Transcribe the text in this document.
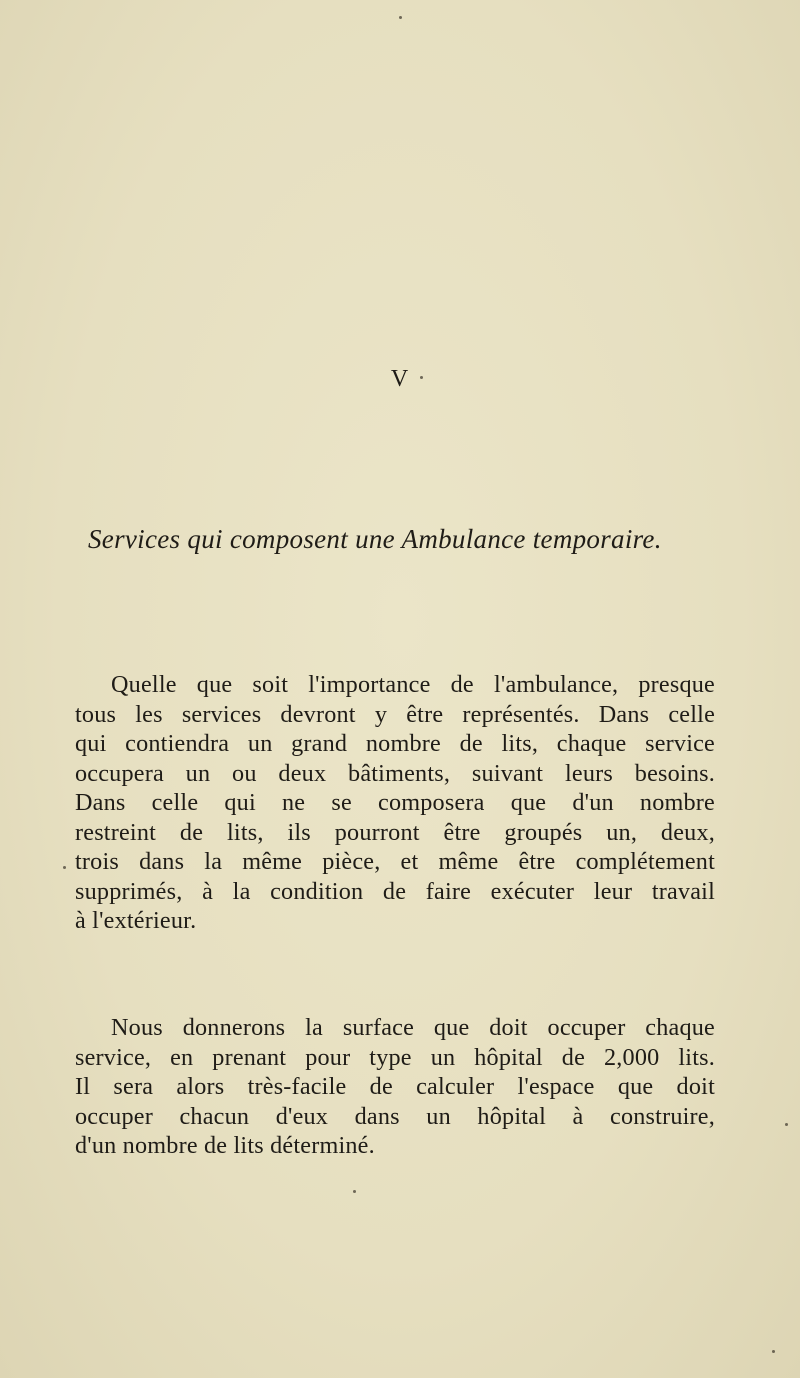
V
Services qui composent une Ambulance temporaire.

Quelle que soit l'importance de l'ambulance, presque
tous les services devront y être représentés. Dans celle
qui contiendra un grand nombre de lits, chaque service
occupera un ou deux bâtiments, suivant leurs besoins.
Dans celle qui ne se composera que d'un nombre
restreint de lits, ils pourront être groupés un, deux,
trois dans la même pièce, et même être complétement
supprimés, à la condition de faire exécuter leur travail
à l'extérieur.

Nous donnerons la surface que doit occuper chaque
service, en prenant pour type un hôpital de 2,000 lits.
Il sera alors très-facile de calculer l'espace que doit
occuper chacun d'eux dans un hôpital à construire,
d'un nombre de lits déterminé.
